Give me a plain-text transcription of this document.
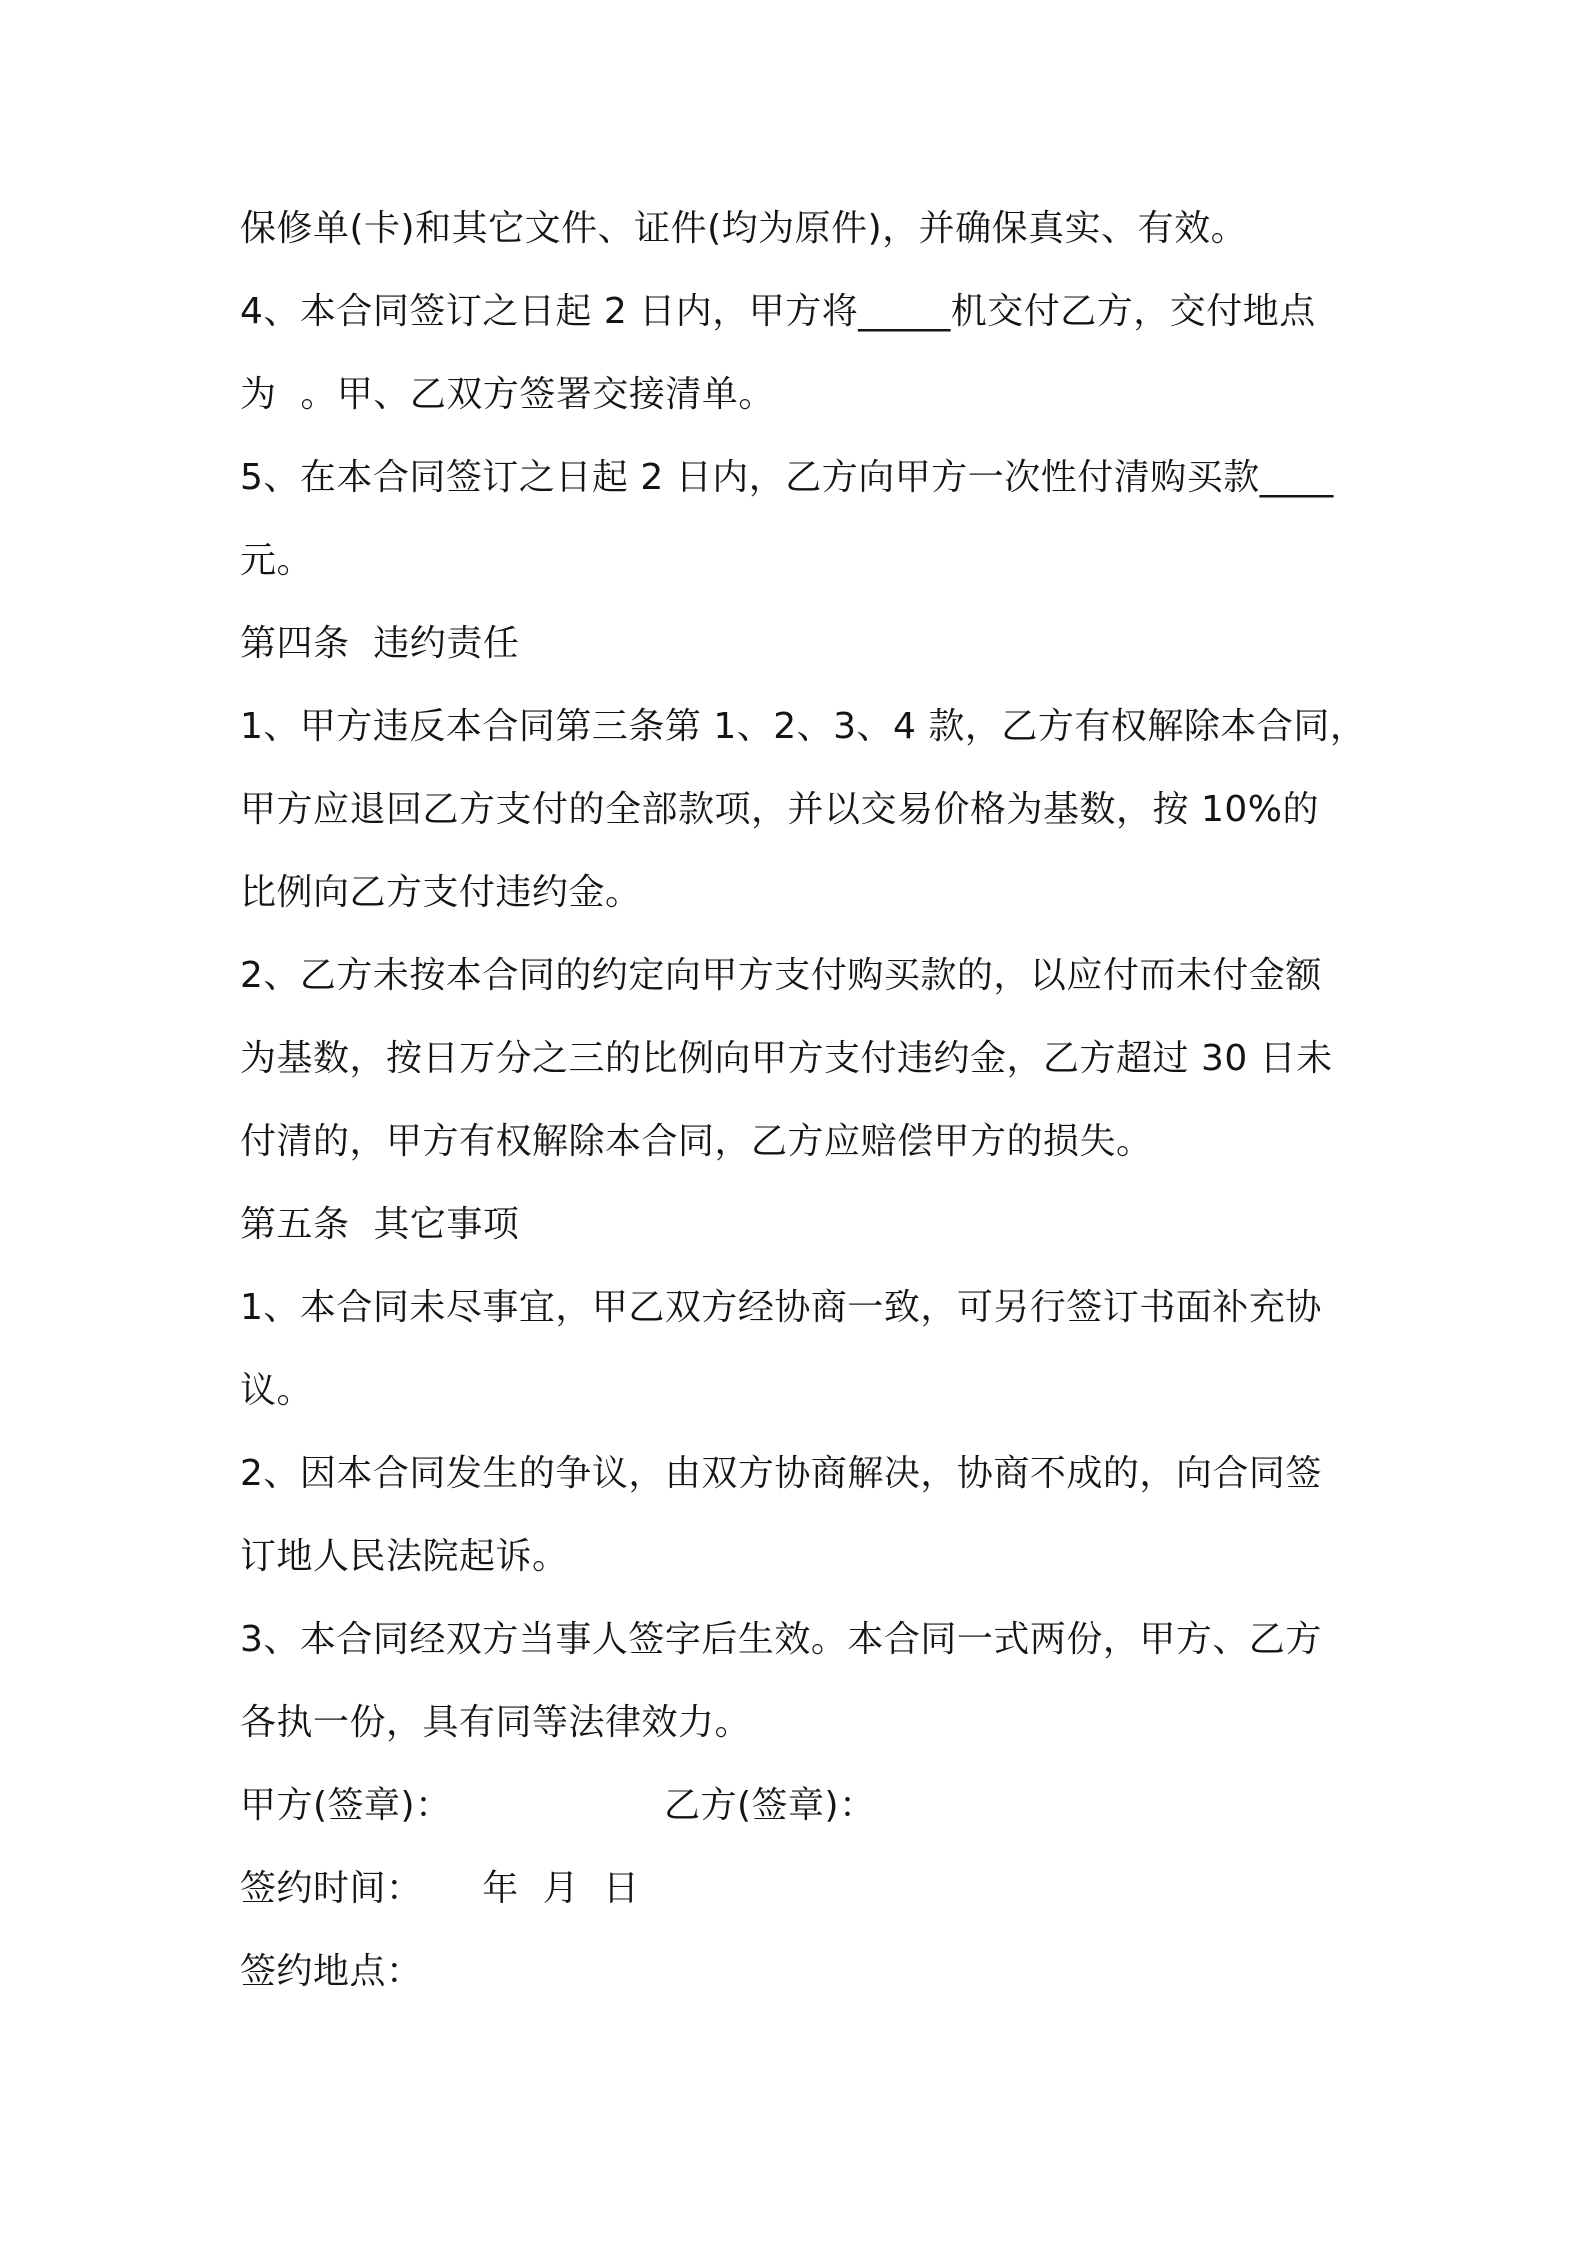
保修单(卡)和其它文件、证件(均为原件)，并确保真实、有效。

4、本合同签订之日起 2 日内，甲方将_____机交付乙方，交付地点

为  。甲、乙双方签署交接清单。

5、在本合同签订之日起 2 日内，乙方向甲方一次性付清购买款____

元。

第四条  违约责任

1、甲方违反本合同第三条第 1、2、3、4 款，乙方有权解除本合同，

甲方应退回乙方支付的全部款项，并以交易价格为基数，按 10%的

比例向乙方支付违约金。

2、乙方未按本合同的约定向甲方支付购买款的，以应付而未付金额

为基数，按日万分之三的比例向甲方支付违约金，乙方超过 30 日未

付清的，甲方有权解除本合同，乙方应赔偿甲方的损失。

第五条  其它事项

1、本合同未尽事宜，甲乙双方经协商一致，可另行签订书面补充协

议。

2、因本合同发生的争议，由双方协商解决，协商不成的，向合同签

订地人民法院起诉。

3、本合同经双方当事人签字后生效。本合同一式两份，甲方、乙方

各执一份，具有同等法律效力。

甲方(签章)：	乙方(签章)：

签约时间：     年  月  日

签约地点：
